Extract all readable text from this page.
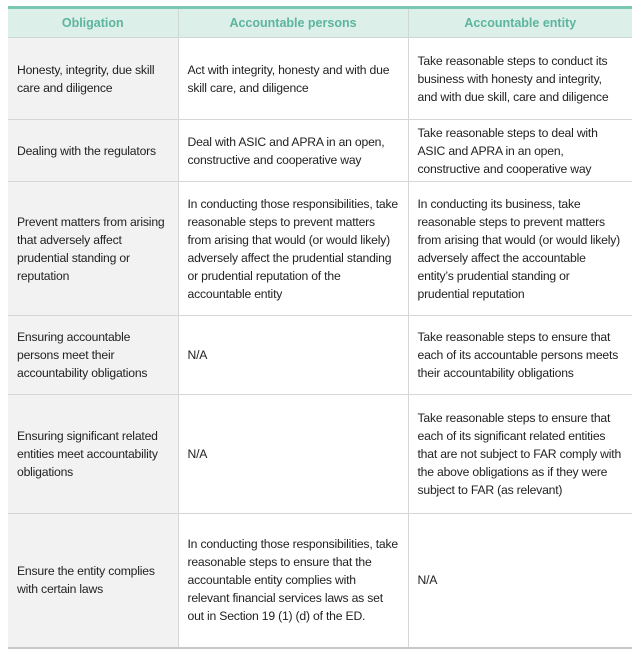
Obligation	Accountable persons	Accountable entity
Honesty, integrity, due skill care and diligence	Act with integrity, honesty and with due skill care, and diligence	Take reasonable steps to conduct its business with honesty and integrity, and with due skill, care and diligence
Dealing with the regulators	Deal with ASIC and APRA in an open, constructive and cooperative way	Take reasonable steps to deal with ASIC and APRA in an open, constructive and cooperative way
Prevent matters from arising that adversely affect prudential standing or reputation	In conducting those responsibilities, take reasonable steps to prevent matters from arising that would (or would likely) adversely affect the prudential standing or prudential reputation of the accountable entity	In conducting its business, take reasonable steps to prevent matters from arising that would (or would likely) adversely affect the accountable entity’s prudential standing or prudential reputation
Ensuring accountable persons meet their accountability obligations	N/A	Take reasonable steps to ensure that each of its accountable persons meets their accountability obligations
Ensuring significant related entities meet accountability obligations	N/A	Take reasonable steps to ensure that each of its significant related entities that are not subject to FAR comply with the above obligations as if they were subject to FAR (as relevant)
Ensure the entity complies with certain laws	In conducting those responsibilities, take reasonable steps to ensure that the accountable entity complies with relevant financial services laws as set out in Section 19 (1) (d) of the ED.	N/A
